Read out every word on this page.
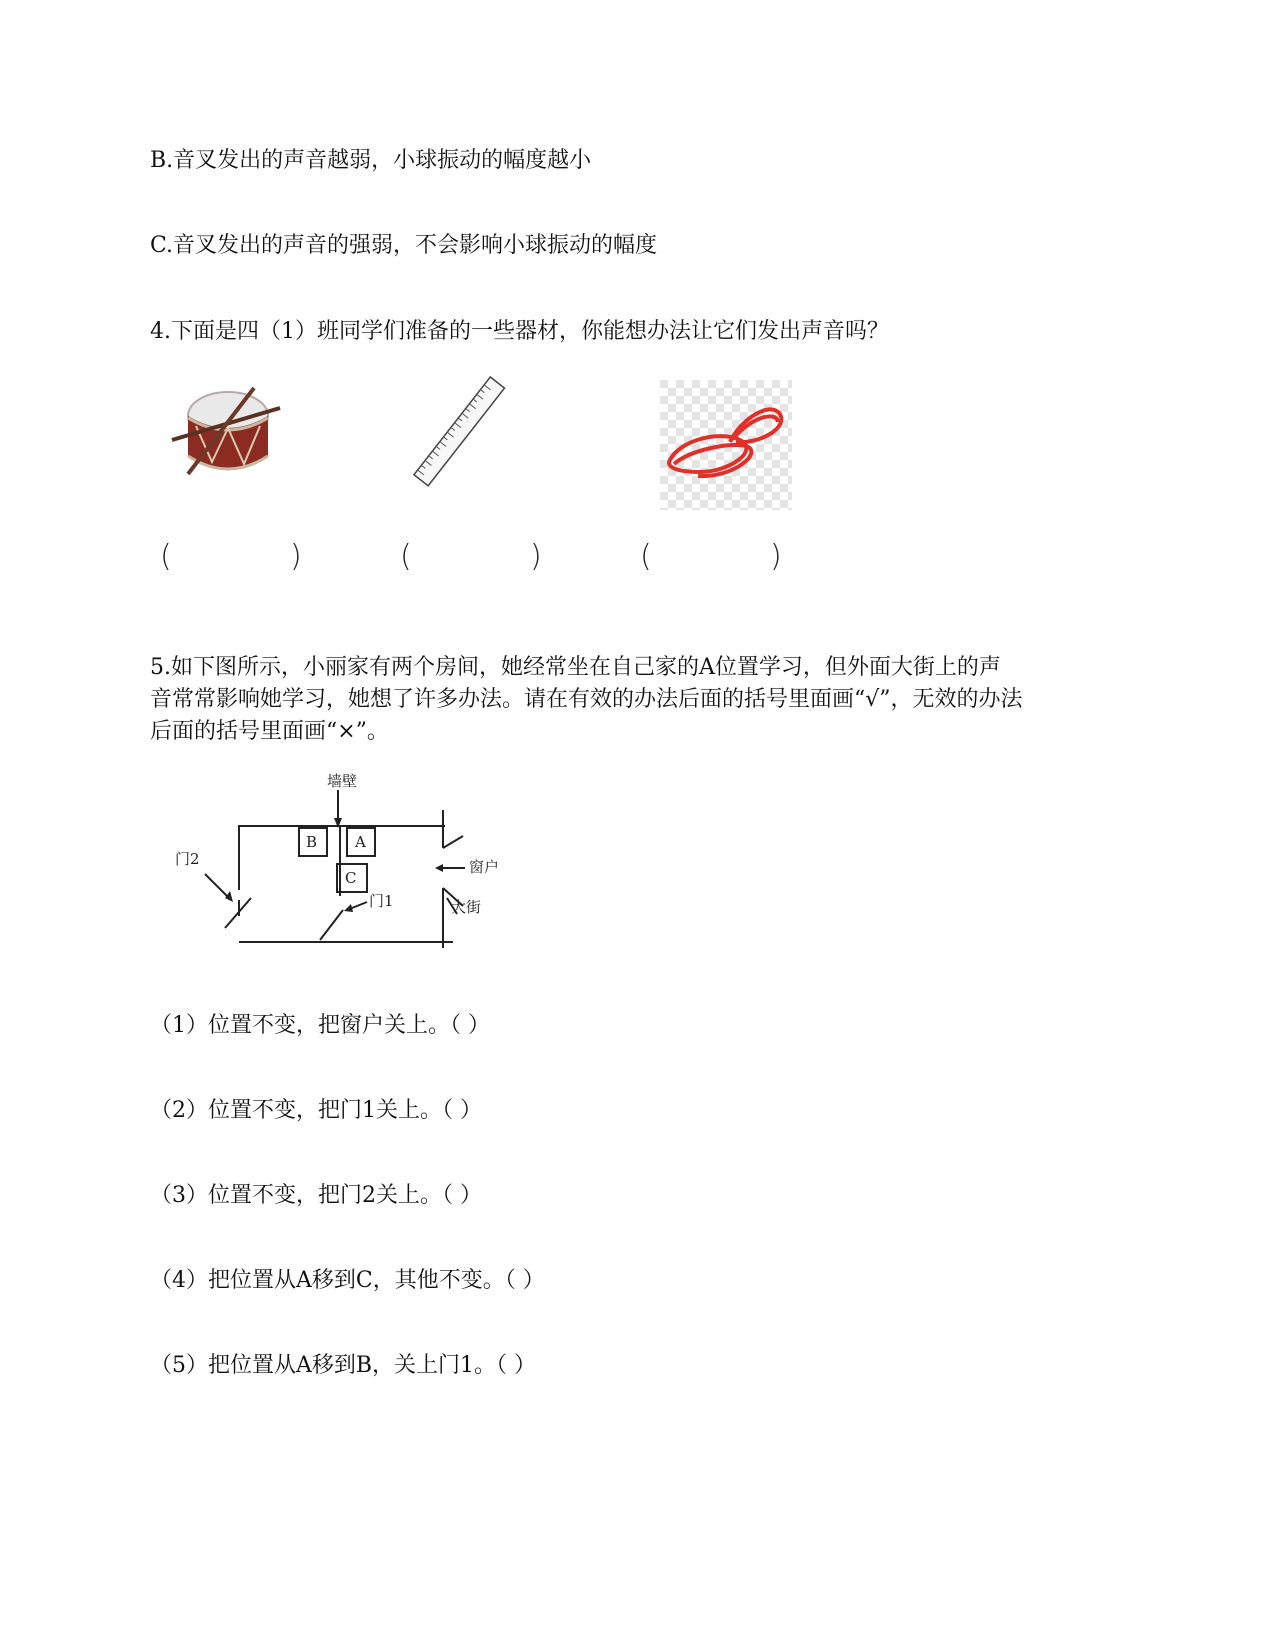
B.音叉发出的声音越弱，小球振动的幅度越小
C.音叉发出的声音的强弱，不会影响小球振动的幅度
4.下面是四（1）班同学们准备的一些器材，你能想办法让它们发出声音吗？
(	)	(	)	(	)
5.如下图所示，小丽家有两个房间，她经常坐在自己家的A位置学习，但外面大街上的声
音常常影响她学习，她想了许多办法。请在有效的办法后面的括号里面画“√”，无效的办法
后面的括号里面画“×”。
墙壁
B	A
C
门2
门1
窗户
大街
（1）位置不变，把窗户关上。（ ）
（2）位置不变，把门1关上。（ ）
（3）位置不变，把门2关上。（ ）
（4）把位置从A移到C，其他不变。（ ）
（5）把位置从A移到B，关上门1。（ ）
